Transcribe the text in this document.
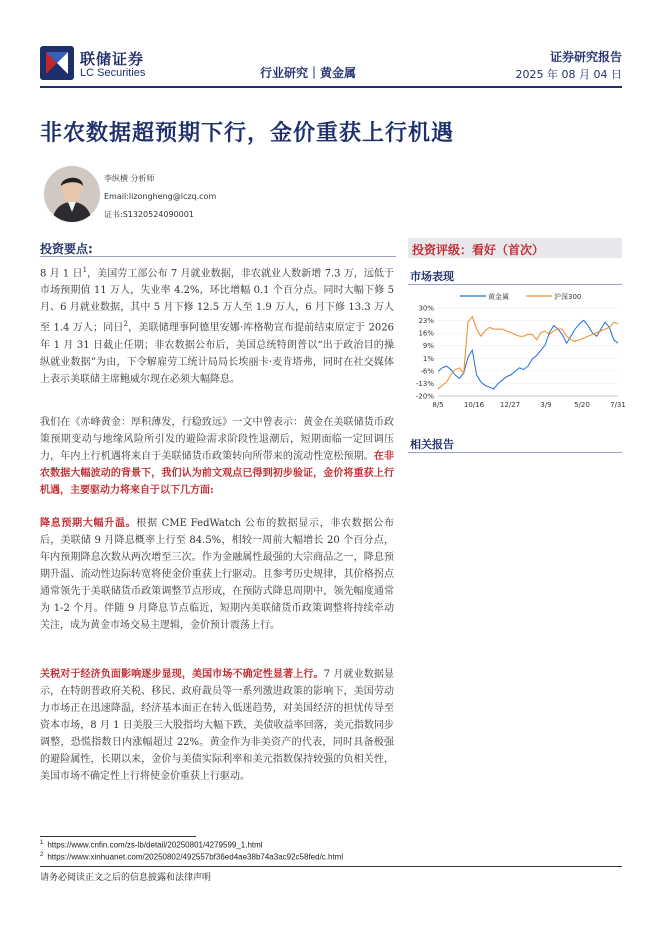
联储证券
LC Securities	行业研究｜黄金属
证券研究报告
2025 年 08 月 04 日
非农数据超预期下行，金价重获上行机遇
李纵横 分析师
Email:lizongheng@lczq.com
证书:S1320524090001
投资要点:
8 月 1 日$^1$，美国劳工部公布 7 月就业数据，非农就业人数新增 7.3 万，远低于市场预期值 11 万人，失业率 4.2%，环比增幅 0.1 个百分点。同时大幅下修 5 月、6 月就业数据，其中 5 月下修 12.5 万人至 1.9 万人，6 月下修 13.3 万人至 1.4 万人；同日$^2$，美联储理事阿德里安娜·库格勒宣布提前结束原定于 2026 年 1 月 31 日截止任期；非农数据公布后，美国总统特朗普以“出于政治目的操纵就业数据”为由，下令解雇劳工统计局局长埃丽卡·麦肯塔弗，同时在社交媒体上表示美联储主席鲍威尔现在必须大幅降息。
我们在《赤峰黄金：厚积薄发，行稳致远》一文中曾表示：黄金在美联储货币政策预期变动与地缘风险所引发的避险需求阶段性退潮后，短期面临一定回调压力，年内上行机遇将来自于美联储货币政策转向所带来的流动性宽松预期。在非农数据大幅波动的背景下，我们认为前文观点已得到初步验证，金价将重获上行机遇，主要驱动力将来自于以下几方面:
降息预期大幅升温。根据 CME FedWatch 公布的数据显示，非农数据公布后，美联储 9 月降息概率上行至 84.5%，相较一周前大幅增长 20 个百分点，年内预期降息次数从两次增至三次。作为金融属性最强的大宗商品之一，降息预期升温、流动性边际转宽将使金价重获上行驱动。且参考历史规律，其价格拐点通常领先于美联储货币政策调整节点形成，在预防式降息周期中，领先幅度通常为 1-2 个月。伴随 9 月降息节点临近，短期内美联储货币政策调整将持续牵动关注，成为黄金市场交易主逻辑，金价预计震荡上行。
关税对于经济负面影响逐步显现，美国市场不确定性显著上行。7 月就业数据显示，在特朗普政府关税、移民、政府裁员等一系列激进政策的影响下，美国劳动力市场正在迅速降温，经济基本面正在转入低迷趋势，对美国经济的担忧传导至资本市场，8 月 1 日美股三大股指均大幅下跌，美债收益率回落，美元指数同步调整，恐慌指数日内涨幅超过 22%。黄金作为非美资产的代表，同时具备极强的避险属性，长期以来，金价与美债实际利率和美元指数保持较强的负相关性，美国市场不确定性上行将使金价重获上行驱动。
投资评级：看好（首次）
市场表现
黄金属	沪深300
30%
23%
16%
9%
1%
-6%
-13%
-20%
8/5	10/16 12/27	3/9	5/20	7/31
相关报告
$^1$ https://www.cnfin.com/zs-lb/detail/20250801/4279599_1.html
$^2$ https://www.xinhuanet.com/20250802/492557bf36ed4ae38b74a3ac92c58fed/c.html
请务必阅读正文之后的信息披露和法律声明
